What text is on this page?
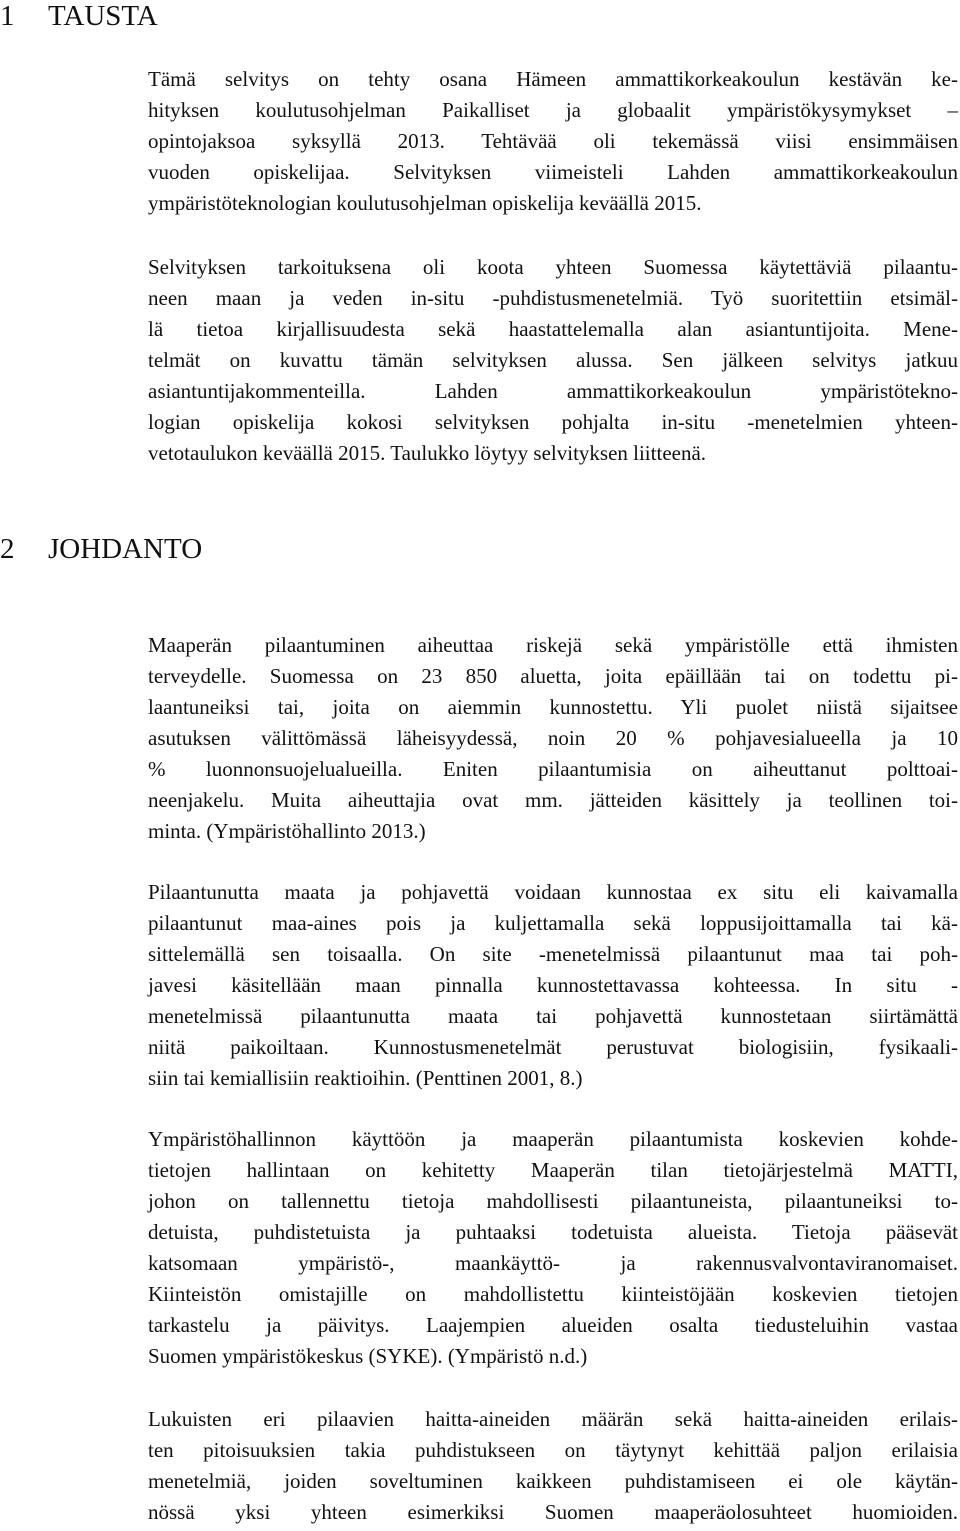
1 TAUSTA
Tämä selvitys on tehty osana Hämeen ammattikorkeakoulun kestävän ke-
hityksen koulutusohjelman Paikalliset ja globaalit ympäristökysymykset –
opintojaksoa syksyllä 2013. Tehtävää oli tekemässä viisi ensimmäisen
vuoden opiskelijaa. Selvityksen viimeisteli Lahden ammattikorkeakoulun
ympäristöteknologian koulutusohjelman opiskelija keväällä 2015.
Selvityksen tarkoituksena oli koota yhteen Suomessa käytettäviä pilaantu-
neen maan ja veden in-situ -puhdistusmenetelmiä. Työ suoritettiin etsimäl-
lä tietoa kirjallisuudesta sekä haastattelemalla alan asiantuntijoita. Mene-
telmät on kuvattu tämän selvityksen alussa. Sen jälkeen selvitys jatkuu
asiantuntijakommenteilla. Lahden ammattikorkeakoulun ympäristötekno-
logian opiskelija kokosi selvityksen pohjalta in-situ -menetelmien yhteen-
vetotaulukon keväällä 2015. Taulukko löytyy selvityksen liitteenä.
2 JOHDANTO
Maaperän pilaantuminen aiheuttaa riskejä sekä ympäristölle että ihmisten
terveydelle. Suomessa on 23 850 aluetta, joita epäillään tai on todettu pi-
laantuneiksi tai, joita on aiemmin kunnostettu. Yli puolet niistä sijaitsee
asutuksen välittömässä läheisyydessä, noin 20 % pohjavesialueella ja 10
% luonnonsuojelualueilla. Eniten pilaantumisia on aiheuttanut polttoai-
neenjakelu. Muita aiheuttajia ovat mm. jätteiden käsittely ja teollinen toi-
minta. (Ympäristöhallinto 2013.)
Pilaantunutta maata ja pohjavettä voidaan kunnostaa ex situ eli kaivamalla
pilaantunut maa-aines pois ja kuljettamalla sekä loppusijoittamalla tai kä-
sittelemällä sen toisaalla. On site -menetelmissä pilaantunut maa tai poh-
javesi käsitellään maan pinnalla kunnostettavassa kohteessa. In situ -
menetelmissä pilaantunutta maata tai pohjavettä kunnostetaan siirtämättä
niitä paikoiltaan. Kunnostusmenetelmät perustuvat biologisiin, fysikaali-
siin tai kemiallisiin reaktioihin. (Penttinen 2001, 8.)
Ympäristöhallinnon käyttöön ja maaperän pilaantumista koskevien kohde-
tietojen hallintaan on kehitetty Maaperän tilan tietojärjestelmä MATTI,
johon on tallennettu tietoja mahdollisesti pilaantuneista, pilaantuneiksi to-
detuista, puhdistetuista ja puhtaaksi todetuista alueista. Tietoja pääsevät
katsomaan ympäristö-, maankäyttö- ja rakennusvalvontaviranomaiset.
Kiinteistön omistajille on mahdollistettu kiinteistöjään koskevien tietojen
tarkastelu ja päivitys. Laajempien alueiden osalta tiedusteluihin vastaa
Suomen ympäristökeskus (SYKE). (Ympäristö n.d.)
Lukuisten eri pilaavien haitta-aineiden määrän sekä haitta-aineiden erilais-
ten pitoisuuksien takia puhdistukseen on täytynyt kehittää paljon erilaisia
menetelmiä, joiden soveltuminen kaikkeen puhdistamiseen ei ole käytän-
nössä yksi yhteen esimerkiksi Suomen maaperäolosuhteet huomioiden.
